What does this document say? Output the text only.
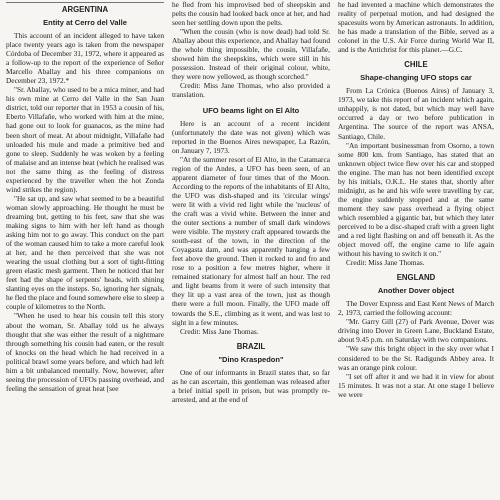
ARGENTINA
Entity at Cerro del Valle

This account of an incident alleged to have taken place twenty years ago is taken from the newspaper Córdoba of December 31, 1972, where it appeared as a follow-up to the report of the experience of Señor Marcello Aballay and his three companions on December 23, 1972.*

"Sr. Aballay, who used to be a mica miner, and had his own mine at Cerro del Valle in the San Juan district, told our reporter that in 1953 a cousin of his, Eberto Villafañe, who worked with him at the mine, had gone out to look for guanacos, as the mine had been short of meat. At about midnight, Villafañe had unloaded his mule and made a primitive bed and gone to sleep. Suddenly he was woken by a feeling of malaise and an intense heat (which he realised was not the same thing as the feeling of distress experienced by the traveller when the hot Zonda wind strikes the region).

"He sat up, and saw what seemed to be a beautiful woman slowly approaching. He thought he must be dreaming but, getting to his feet, saw that she was making signs to him with her left hand as though asking him not to go away. This conduct on the part of the woman caused him to take a more careful look at her, and he then perceived that she was not wearing the usual clothing but a sort of tight-fitting green elastic mesh garment. Then he noticed that her feet had the shape of serpents' heads, with shining slanting eyes on the insteps. So, ignoring her signals, he fled the place and found somewhere else to sleep a couple of kilometres to the North.

"When he used to hear his cousin tell this story about the woman, Sr. Aballay told us he always thought that she was either the result of a nightmare through something his cousin had eaten, or the result of knocks on the head which he had received in a political brawl some years before, and which had left him a bit unbalanced mentally. Now, however, after seeing the procession of UFOs passing overhead, and feeling the sensation of great heat [see

he fled from his improvised bed of sheepskin and pelts the cousin had looked back once at her, and had seen her settling down upon the pelts.

"When the cousin (who is now dead) had told Sr. Aballay about this experience, and Aballay had found the whole thing impossible, the cousin, Villafañe, showed him the sheepskins, which were still in his possession. Instead of their original colour, white, they were now yellowed, as though scorched."

Credit: Miss Jane Thomas, who also provided a translation.

UFO beams light on El Alto

Here is an account of a recent incident (unfortunately the date was not given) which was reported in the Buenos Aires newspaper, La Razón, on January 7, 1973.

"At the summer resort of El Alto, in the Catamarca region of the Andes, a UFO has been seen, of an apparent diameter of four times that of the Moon. According to the reports of the inhabitants of El Alto, the UFO was dish-shaped and its 'circular wings' were lit with a vivid red light while the 'nucleus' of the craft was a vivid white. Between the inner and the outer sections a number of small dark windows were visible. The mystery craft appeared towards the south-east of the town, in the direction of the Coyagasta dam, and was apparently hanging a few feet above the ground. Then it rocked to and fro and rose to a position a few metres higher, where it remained stationary for almost half an hour. The red and light beams from it were of such intensity that they lit up a vast area of the town, just as though there were a full moon. Finally, the UFO made off towards the S.E., climbing as it went, and was lost to sight in a few minutes.

Credit: Miss Jane Thomas.

BRAZIL
"Dino Kraspedon"

One of our informants in Brazil states that, so far as he can ascertain, this gentleman was released after a brief initial spell in prison, but was promptly re-arrested, and at the end of

he had invented a machine which demonstrates the reality of perpetual motion, and had designed the spacesuits worn by American astronauts. In addition, he has made a translation of the Bible, served as a colonel in the U.S. Air Force during World War II, and is the Antichrist for this planet.—G.C.

CHILE
Shape-changing UFO stops car

From La Crónica (Buenos Aires) of January 3, 1973, we take this report of an incident which again, unhappily, is not dated, but which may well have occurred a day or two before publication in Argentina. The source of the report was ANSA, Santiago, Chile.

"An important businessman from Osorno, a town some 800 km. from Santiago, has stated that an unknown object twice flew over his car and stopped the engine. The man has not been identified except by his initials, O.K.L. He states that, shortly after midnight, as he and his wife were travelling by car, the engine suddenly stopped and at the same moment they saw pass overhead a flying object which resembled a gigantic bat, but which they later perceived to be a disc-shaped craft with a green light and a red light flashing on and off beneath it. As the object moved off, the engine came to life again without his having to switch it on."

Credit: Miss Jane Thomas.

ENGLAND
Another Dover object

The Dover Express and East Kent News of March 2, 1973, carried the following account:

"Mr. Garry Gill (27) of Park Avenue, Dover was driving into Dover in Green Lane, Buckland Estate, about 9.45 p.m. on Saturday with two companions.

"We saw this bright object in the sky over what I considered to be the St. Radigunds Abbey area. It was an orange pink colour.

"I set off after it and we had it in view for about 15 minutes. It was not a star. At one stage I believe we were
